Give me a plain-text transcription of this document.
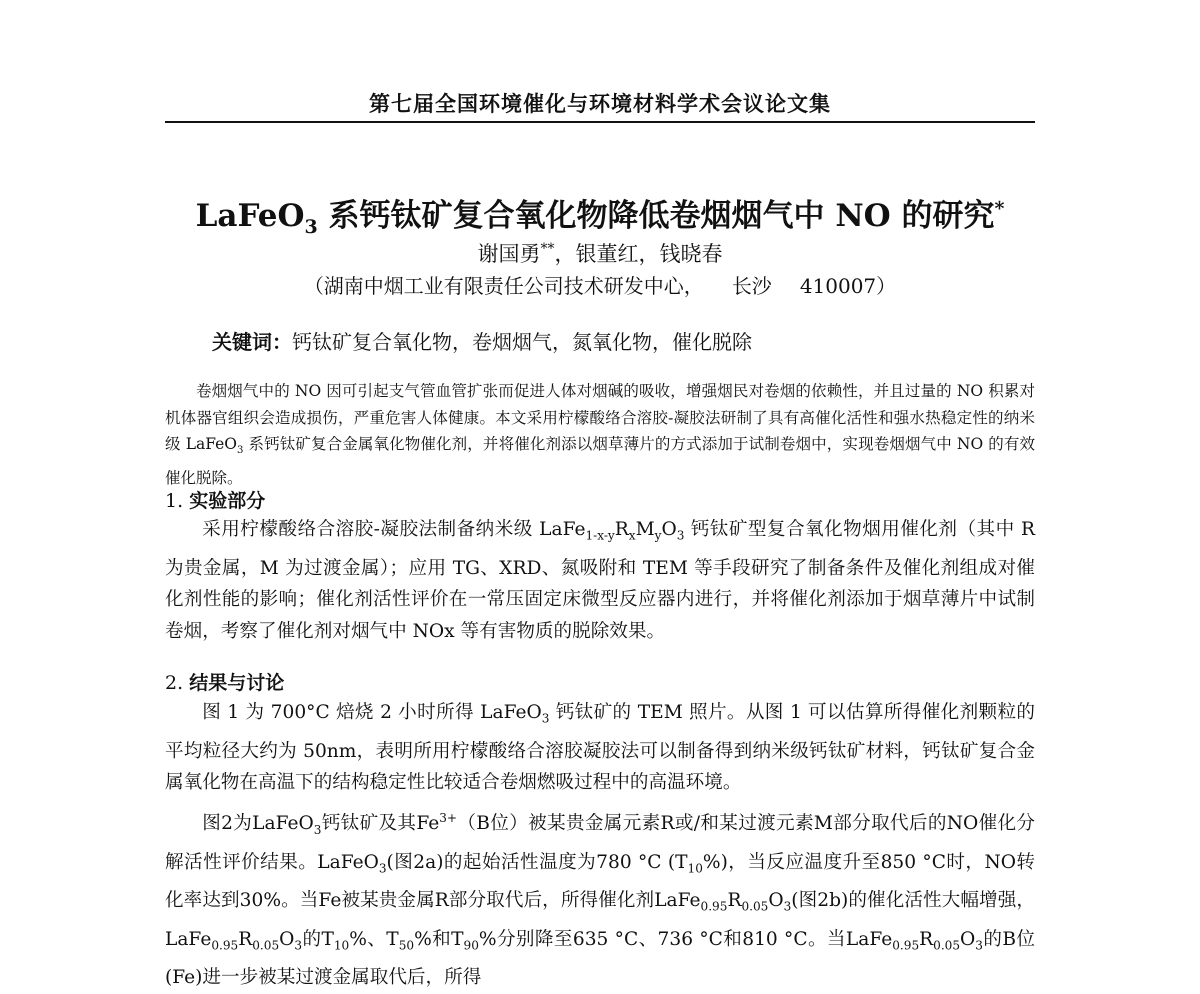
第七届全国环境催化与环境材料学术会议论文集
LaFeO$_3$ 系钙钛矿复合氧化物降低卷烟烟气中 NO 的研究*
谢国勇**，银董红，钱晓春
（湖南中烟工业有限责任公司技术研发中心， 长沙 410007）
关键词：钙钛矿复合氧化物，卷烟烟气，氮氧化物，催化脱除

卷烟烟气中的 NO 因可引起支气管血管扩张而促进人体对烟碱的吸收，增强烟民对卷烟的依赖性，并且过量的 NO 积累对机体器官组织会造成损伤，严重危害人体健康。本文采用柠檬酸络合溶胶-凝胶法研制了具有高催化活性和强水热稳定性的纳米级 LaFeO$_3$ 系钙钛矿复合金属氧化物催化剂，并将催化剂添以烟草薄片的方式添加于试制卷烟中，实现卷烟烟气中 NO 的有效催化脱除。

1. 实验部分

采用柠檬酸络合溶胶-凝胶法制备纳米级 $LaFe_{1-x-y}R_xM_yO_3$ 钙钛矿型复合氧化物烟用催化剂（其中 R 为贵金属，M 为过渡金属）；应用 TG、XRD、氮吸附和 TEM 等手段研究了制备条件及催化剂组成对催化剂性能的影响；催化剂活性评价在一常压固定床微型反应器内进行，并将催化剂添加于烟草薄片中试制卷烟，考察了催化剂对烟气中 NOx 等有害物质的脱除效果。

2. 结果与讨论

图 1 为 700°C 焙烧 2 小时所得 LaFeO$_3$ 钙钛矿的 TEM 照片。从图 1 可以估算所得催化剂颗粒的平均粒径大约为 50nm，表明所用柠檬酸络合溶胶凝胶法可以制备得到纳米级钙钛矿材料，钙钛矿复合金属氧化物在高温下的结构稳定性比较适合卷烟燃吸过程中的高温环境。

图2为LaFeO$_3$钙钛矿及其$Fe^{3+}(B$位）被某贵金属元素R或/和某过渡元素M部分取代后的NO催化分解活性评价结果。LaFeO$_3$(图2a)的起始活性温度为780 °C $(T_{10}\%)$，当反应温度升至850 °C时，NO转化率达到30%。当Fe被某贵金属R部分取代后，所得催化剂$LaFe_{0.95}R_{0.05}O_3$(图2b)的催化活性大幅增强，$LaFe_{0.95}R_{0.05}O_3$的$T_{10}\%$、$T_{50}\%$和$T_{90}\%$分别降至635 °C、736 °C和810 °C。当$LaFe_{0.95}R_{0.05}O_3$的B位(Fe)进一步被某过渡金属取代后，所得
